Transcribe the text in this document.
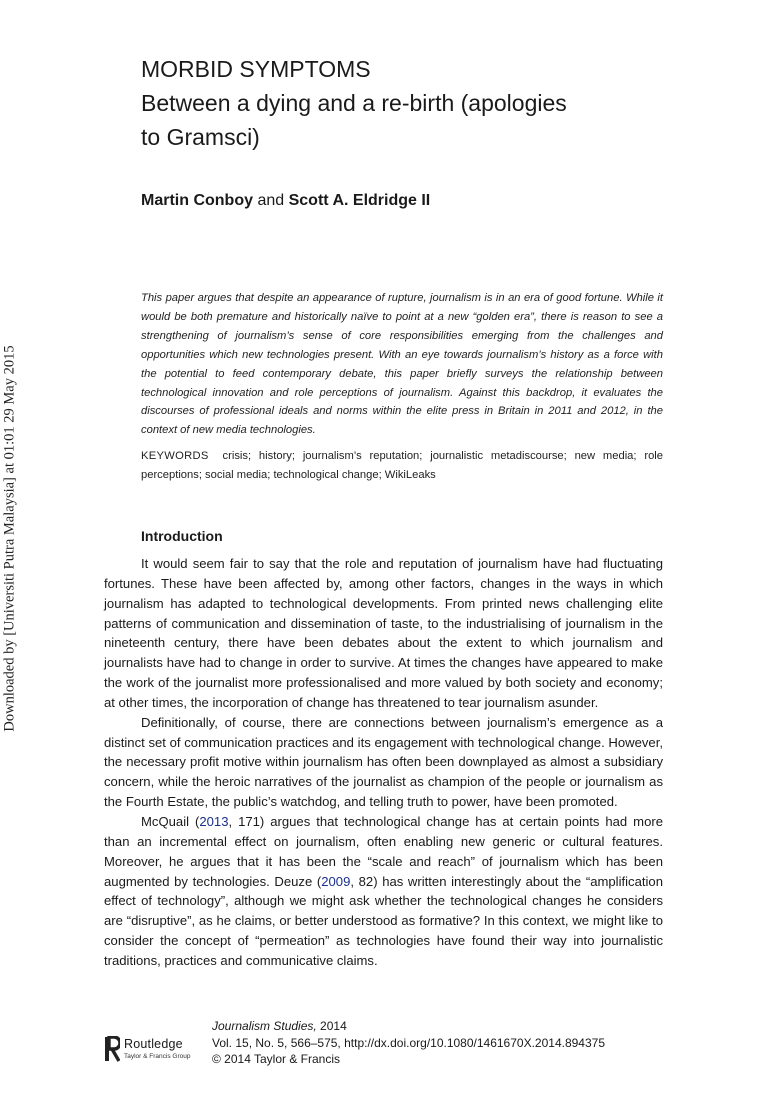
Downloaded by [Universiti Putra Malaysia] at 01:01 29 May 2015
MORBID SYMPTOMS
Between a dying and a re-birth (apologies
to Gramsci)
Martin Conboy and Scott A. Eldridge II
This paper argues that despite an appearance of rupture, journalism is in an era of good fortune. While it would be both premature and historically naïve to point at a new “golden era”, there is reason to see a strengthening of journalism’s sense of core responsibilities emerging from the challenges and opportunities which new technologies present. With an eye towards journalism’s history as a force with the potential to feed contemporary debate, this paper briefly surveys the relationship between technological innovation and role perceptions of journalism. Against this backdrop, it evaluates the discourses of professional ideals and norms within the elite press in Britain in 2011 and 2012, in the context of new media technologies.
KEYWORDS crisis; history; journalism’s reputation; journalistic metadiscourse; new media; role perceptions; social media; technological change; WikiLeaks
Introduction

It would seem fair to say that the role and reputation of journalism have had fluctuating fortunes. These have been affected by, among other factors, changes in the ways in which journalism has adapted to technological developments. From printed news challenging elite patterns of communication and dissemination of taste, to the industrialising of journalism in the nineteenth century, there have been debates about the extent to which journalism and journalists have had to change in order to survive. At times the changes have appeared to make the work of the journalist more professionalised and more valued by both society and economy; at other times, the incorporation of change has threatened to tear journalism asunder.

Definitionally, of course, there are connections between journalism’s emergence as a distinct set of communication practices and its engagement with technological change. However, the necessary profit motive within journalism has often been downplayed as almost a subsidiary concern, while the heroic narratives of the journalist as champion of the people or journalism as the Fourth Estate, the public’s watchdog, and telling truth to power, have been promoted.

McQuail (2013, 171) argues that technological change has at certain points had more than an incremental effect on journalism, often enabling new generic or cultural features. Moreover, he argues that it has been the “scale and reach” of journalism which has been augmented by technologies. Deuze (2009, 82) has written interestingly about the “amplification effect of technology”, although we might ask whether the technological changes he considers are “disruptive”, as he claims, or better understood as formative? In this context, we might like to consider the concept of “permeation” as technologies have found their way into journalistic traditions, practices and communicative claims.

Routledge
Taylor & Francis Group
Journalism Studies, 2014
Vol. 15, No. 5, 566–575, http://dx.doi.org/10.1080/1461670X.2014.894375
© 2014 Taylor & Francis
